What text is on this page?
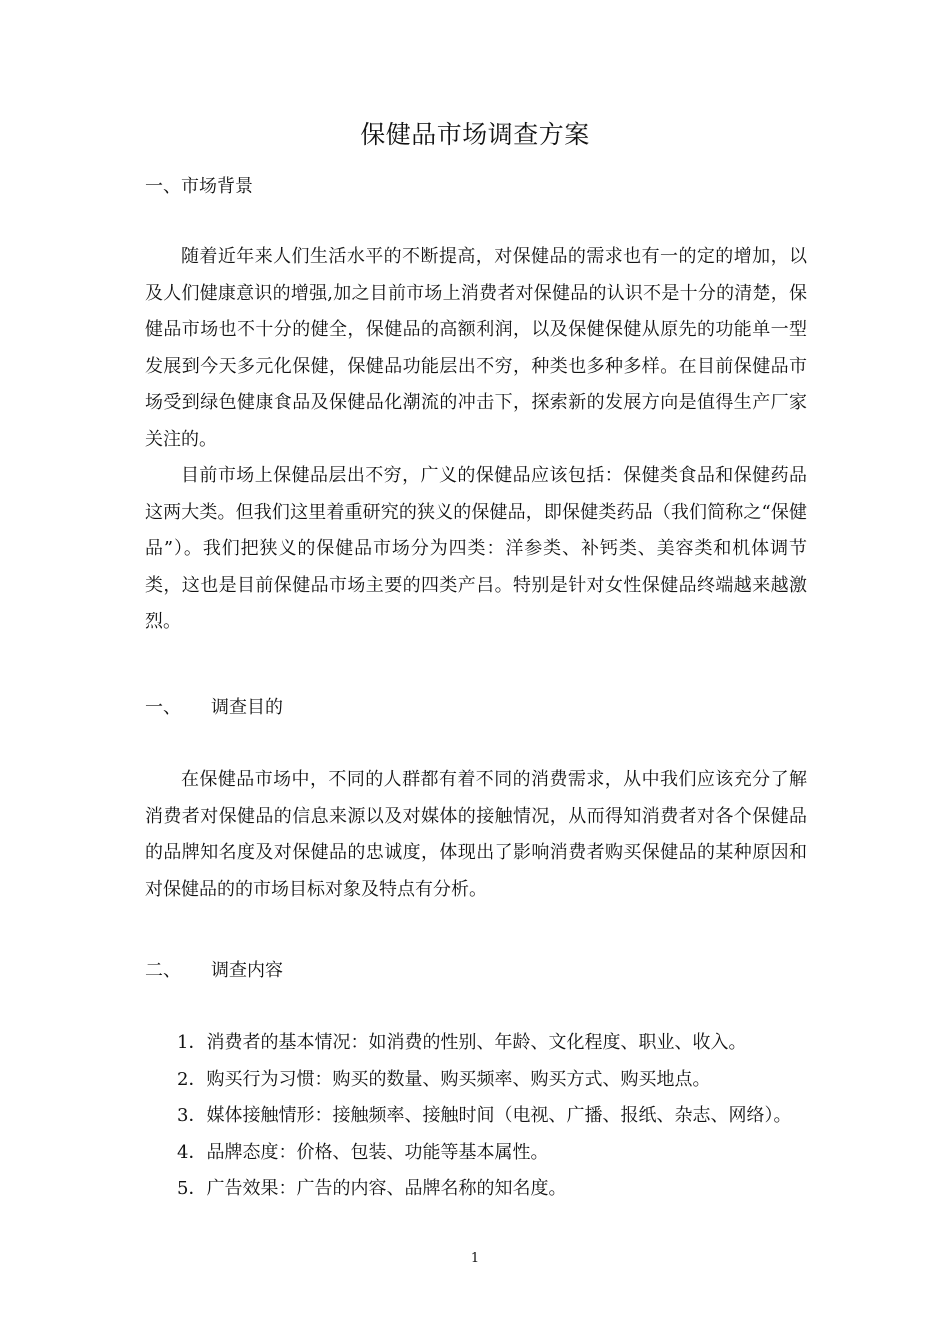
保健品市场调查方案
一、市场背景
随着近年来人们生活水平的不断提高，对保健品的需求也有一的定的增加，以及人们健康意识的增强,加之目前市场上消费者对保健品的认识不是十分的清楚，保健品市场也不十分的健全，保健品的高额利润，以及保健保健从原先的功能单一型发展到今天多元化保健，保健品功能层出不穷，种类也多种多样。在目前保健品市场受到绿色健康食品及保健品化潮流的冲击下，探索新的发展方向是值得生产厂家关注的。
目前市场上保健品层出不穷，广义的保健品应该包括：保健类食品和保健药品这两大类。但我们这里着重研究的狭义的保健品，即保健类药品（我们简称之“保健品”）。我们把狭义的保健品市场分为四类：洋参类、补钙类、美容类和机体调节类，这也是目前保健品市场主要的四类产吕。特别是针对女性保健品终端越来越激烈。
一、 调查目的
在保健品市场中，不同的人群都有着不同的消费需求，从中我们应该充分了解消费者对保健品的信息来源以及对媒体的接触情况，从而得知消费者对各个保健品的品牌知名度及对保健品的忠诚度，体现出了影响消费者购买保健品的某种原因和对保健品的的市场目标对象及特点有分析。
二、 调查内容
1．消费者的基本情况：如消费的性别、年龄、文化程度、职业、收入。
2．购买行为习惯：购买的数量、购买频率、购买方式、购买地点。
3．媒体接触情形：接触频率、接触时间（电视、广播、报纸、杂志、网络）。
4．品牌态度：价格、包装、功能等基本属性。
5．广告效果：广告的内容、品牌名称的知名度。
1
